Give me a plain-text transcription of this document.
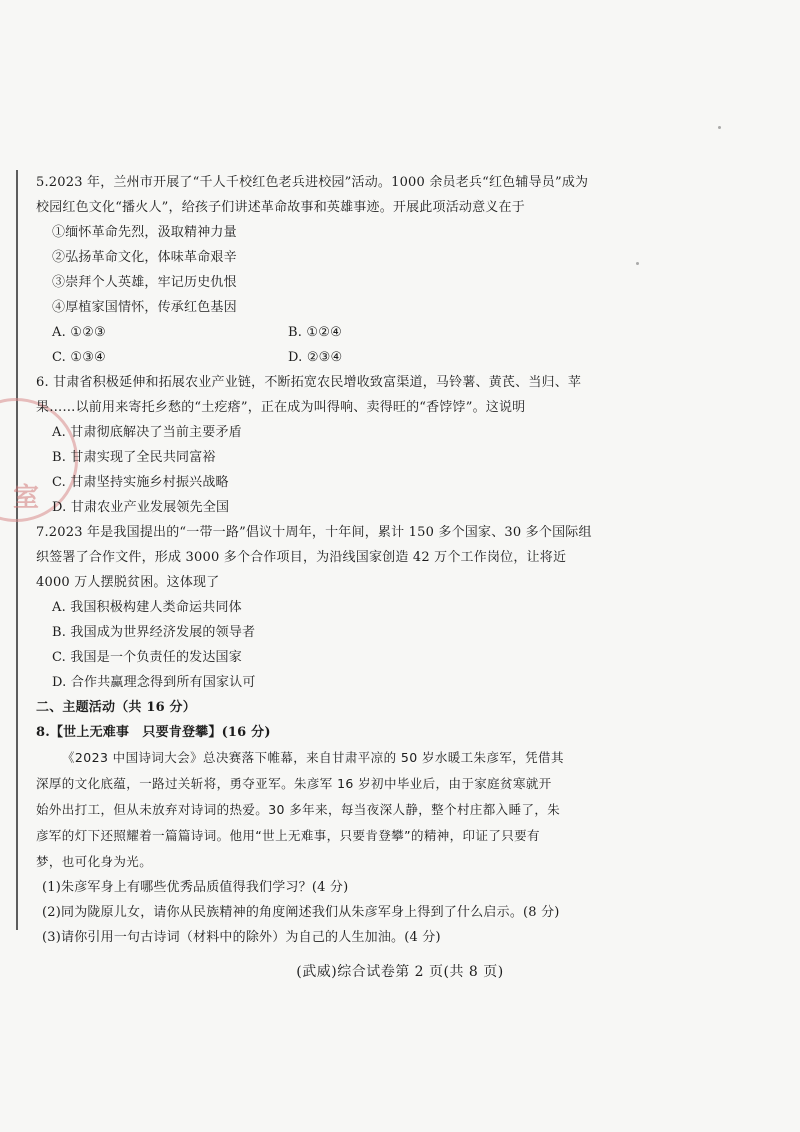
室
5.2023 年，兰州市开展了“千人千校红色老兵进校园”活动。1000 余员老兵“红色辅导员”成为
校园红色文化“播火人”，给孩子们讲述革命故事和英雄事迹。开展此项活动意义在于
①缅怀革命先烈，汲取精神力量
②弘扬革命文化，体味革命艰辛
③崇拜个人英雄，牢记历史仇恨
④厚植家国情怀，传承红色基因
A. ①②③	B. ①②④
C. ①③④	D. ②③④
6. 甘肃省积极延伸和拓展农业产业链，不断拓宽农民增收致富渠道，马铃薯、黄芪、当归、苹
果……以前用来寄托乡愁的“土疙瘩”，正在成为叫得响、卖得旺的“香饽饽”。这说明
A. 甘肃彻底解决了当前主要矛盾
B. 甘肃实现了全民共同富裕
C. 甘肃坚持实施乡村振兴战略
D. 甘肃农业产业发展领先全国
7.2023 年是我国提出的“一带一路”倡议十周年，十年间，累计 150 多个国家、30 多个国际组
织签署了合作文件，形成 3000 多个合作项目，为沿线国家创造 42 万个工作岗位，让将近
4000 万人摆脱贫困。这体现了
A. 我国积极构建人类命运共同体
B. 我国成为世界经济发展的领导者
C. 我国是一个负责任的发达国家
D. 合作共赢理念得到所有国家认可
二、主题活动（共 16 分）
8.【世上无难事　只要肯登攀】(16 分)
《2023 中国诗词大会》总决赛落下帷幕，来自甘肃平凉的 50 岁水暖工朱彦军，凭借其
深厚的文化底蕴，一路过关斩将，勇夺亚军。朱彦军 16 岁初中毕业后，由于家庭贫寒就开
始外出打工，但从未放弃对诗词的热爱。30 多年来，每当夜深人静，整个村庄都入睡了，朱
彦军的灯下还照耀着一篇篇诗词。他用“世上无难事，只要肯登攀”的精神，印证了只要有
梦，也可化身为光。
(1)朱彦军身上有哪些优秀品质值得我们学习？(4 分)
(2)同为陇原儿女，请你从民族精神的角度阐述我们从朱彦军身上得到了什么启示。(8 分)
(3)请你引用一句古诗词（材料中的除外）为自己的人生加油。(4 分)
(武威)综合试卷第 2 页(共 8 页)
